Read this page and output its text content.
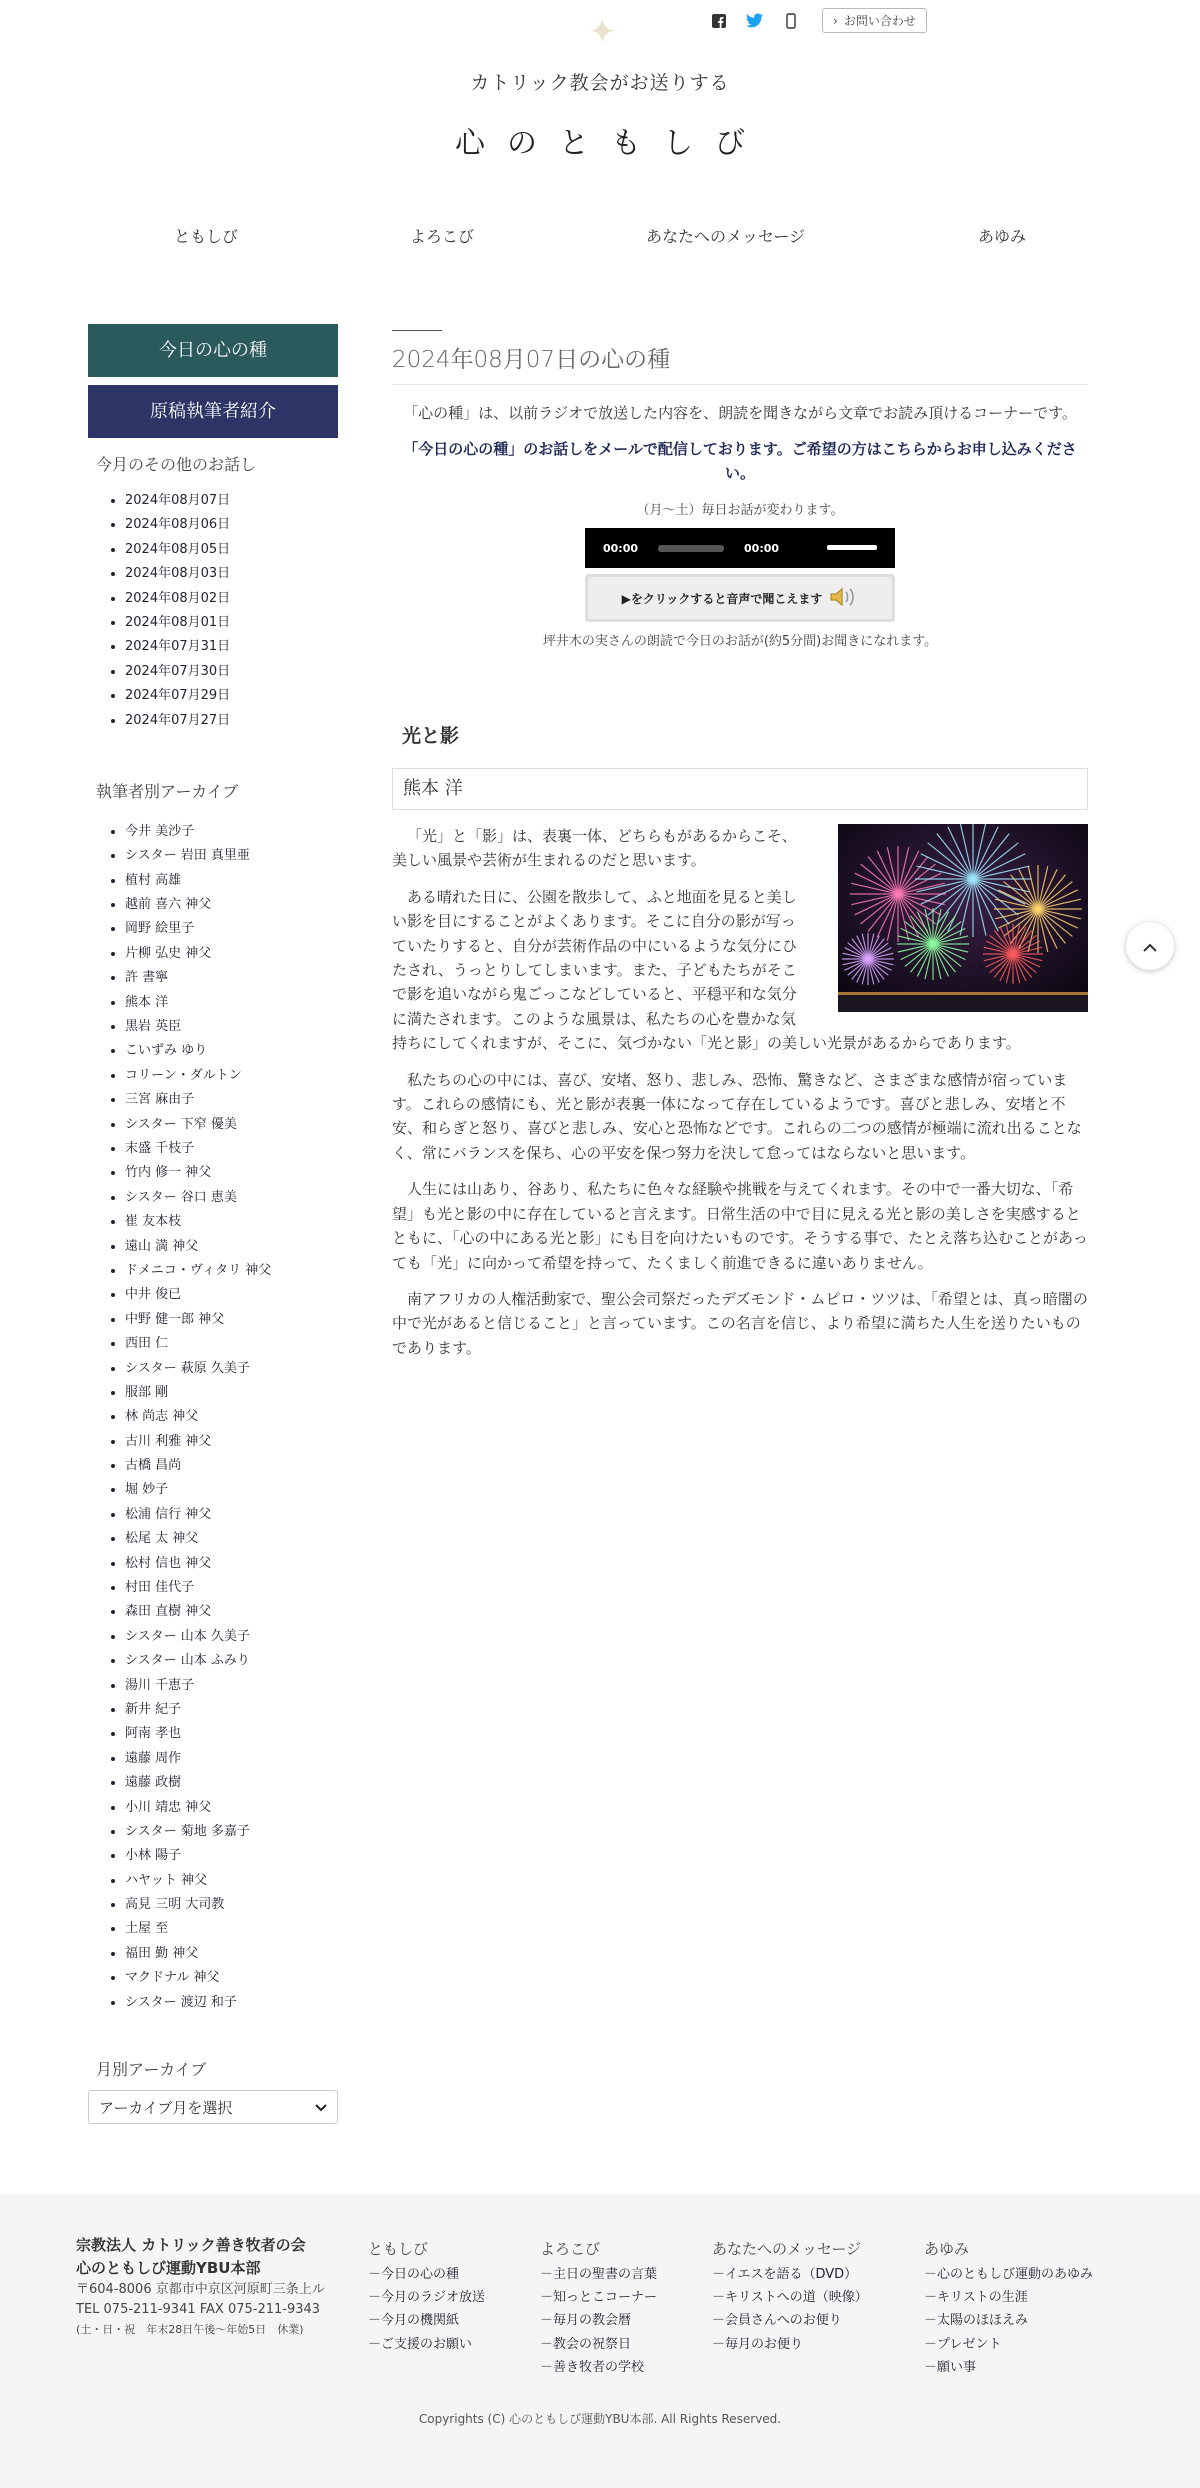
✦	› お問い合わせ
カトリック教会がお送りする
心のともしび
ともしび	よろこび	あなたへのメッセージ	あゆみ
今日の心の種
原稿執筆者紹介
今月のその他のお話し
• 2024年08月07日
• 2024年08月06日
• 2024年08月05日
• 2024年08月03日
• 2024年08月02日
• 2024年08月01日
• 2024年07月31日
• 2024年07月30日
• 2024年07月29日
• 2024年07月27日
執筆者別アーカイブ
• 今井 美沙子
• シスター 岩田 真里亜
• 植村 高雄
• 越前 喜六 神父
• 岡野 絵里子
• 片柳 弘史 神父
• 許 書寧
• 熊本 洋
• 黒岩 英臣
• こいずみ ゆり
• コリーン・ダルトン
• 三宮 麻由子
• シスター 下窄 優美
• 末盛 千枝子
• 竹内 修一 神父
• シスター 谷口 恵美
• 崔 友本枝
• 遠山 満 神父
• ドメニコ・ヴィタリ 神父
• 中井 俊已
• 中野 健一郎 神父
• 西田 仁
• シスター 萩原 久美子
• 服部 剛
• 林 尚志 神父
• 古川 利雅 神父
• 古橋 昌尚
• 堀 妙子
• 松浦 信行 神父
• 松尾 太 神父
• 松村 信也 神父
• 村田 佳代子
• 森田 直樹 神父
• シスター 山本 久美子
• シスター 山本 ふみり
• 湯川 千恵子
• 新井 紀子
• 阿南 孝也
• 遠藤 周作
• 遠藤 政樹
• 小川 靖忠 神父
• シスター 菊地 多嘉子
• 小林 陽子
• ハヤット 神父
• 高見 三明 大司教
• 土屋 至
• 福田 勤 神父
• マクドナル 神父
• シスター 渡辺 和子
月別アーカイブ
アーカイブ月を選択
2024年08月07日の心の種

「心の種」は、以前ラジオで放送した内容を、朗読を聞きながら文章でお読み頂けるコーナーです。

「今日の心の種」のお話しをメールで配信しております。ご希望の方はこちらからお申し込みください。

（月〜土）毎日お話が変わります。

00:00	00:00
▶をクリックすると音声で聞こえます

坪井木の実さんの朗読で今日のお話が(約5分間)お聞きになれます。

光と影
熊本 洋

「光」と「影」は、表裏一体、どちらもがあるからこそ、美しい風景や芸術が生まれるのだと思います。

ある晴れた日に、公園を散歩して、ふと地面を見ると美しい影を目にすることがよくあります。そこに自分の影が写っていたりすると、自分が芸術作品の中にいるような気分にひたされ、うっとりしてしまいます。また、子どもたちがそこで影を追いながら鬼ごっこなどしていると、平穏平和な気分に満たされます。このような風景は、私たちの心を豊かな気持ちにしてくれますが、そこに、気づかない「光と影」の美しい光景があるからであります。

私たちの心の中には、喜び、安堵、怒り、悲しみ、恐怖、驚きなど、さまざまな感情が宿っています。これらの感情にも、光と影が表裏一体になって存在しているようです。喜びと悲しみ、安堵と不安、和らぎと怒り、喜びと悲しみ、安心と恐怖などです。これらの二つの感情が極端に流れ出ることなく、常にバランスを保ち、心の平安を保つ努力を決して怠ってはならないと思います。

人生には山あり、谷あり、私たちに色々な経験や挑戦を与えてくれます。その中で一番大切な、「希望」も光と影の中に存在していると言えます。日常生活の中で目に見える光と影の美しさを実感するとともに、「心の中にある光と影」にも目を向けたいものです。そうする事で、たとえ落ち込むことがあっても「光」に向かって希望を持って、たくましく前進できるに違いありません。

南アフリカの人権活動家で、聖公会司祭だったデズモンド・ムピロ・ツツは、「希望とは、真っ暗闇の中で光があると信じること」と言っています。この名言を信じ、より希望に満ちた人生を送りたいものであります。

宗教法人 カトリック善き牧者の会
心のともしび運動YBU本部
〒604-8006 京都市中京区河原町三条上ル
TEL 075-211-9341 FAX 075-211-9343
(土・日・祝　年末28日午後〜年始5日　休業)
ともしび
－今日の心の種
－今月のラジオ放送
－今月の機関紙
－ご支援のお願い
よろこび
－主日の聖書の言葉
－知っとこコーナー
－毎月の教会暦
－教会の祝祭日
－善き牧者の学校
あなたへのメッセージ
－イエスを語る（DVD）
－キリストへの道（映像）
－会員さんへのお便り
－毎月のお便り
あゆみ
－心のともしび運動のあゆみ
－キリストの生涯
－太陽のほほえみ
－プレゼント
－願い事
Copyrights (C) 心のともしび運動YBU本部. All Rights Reserved.
